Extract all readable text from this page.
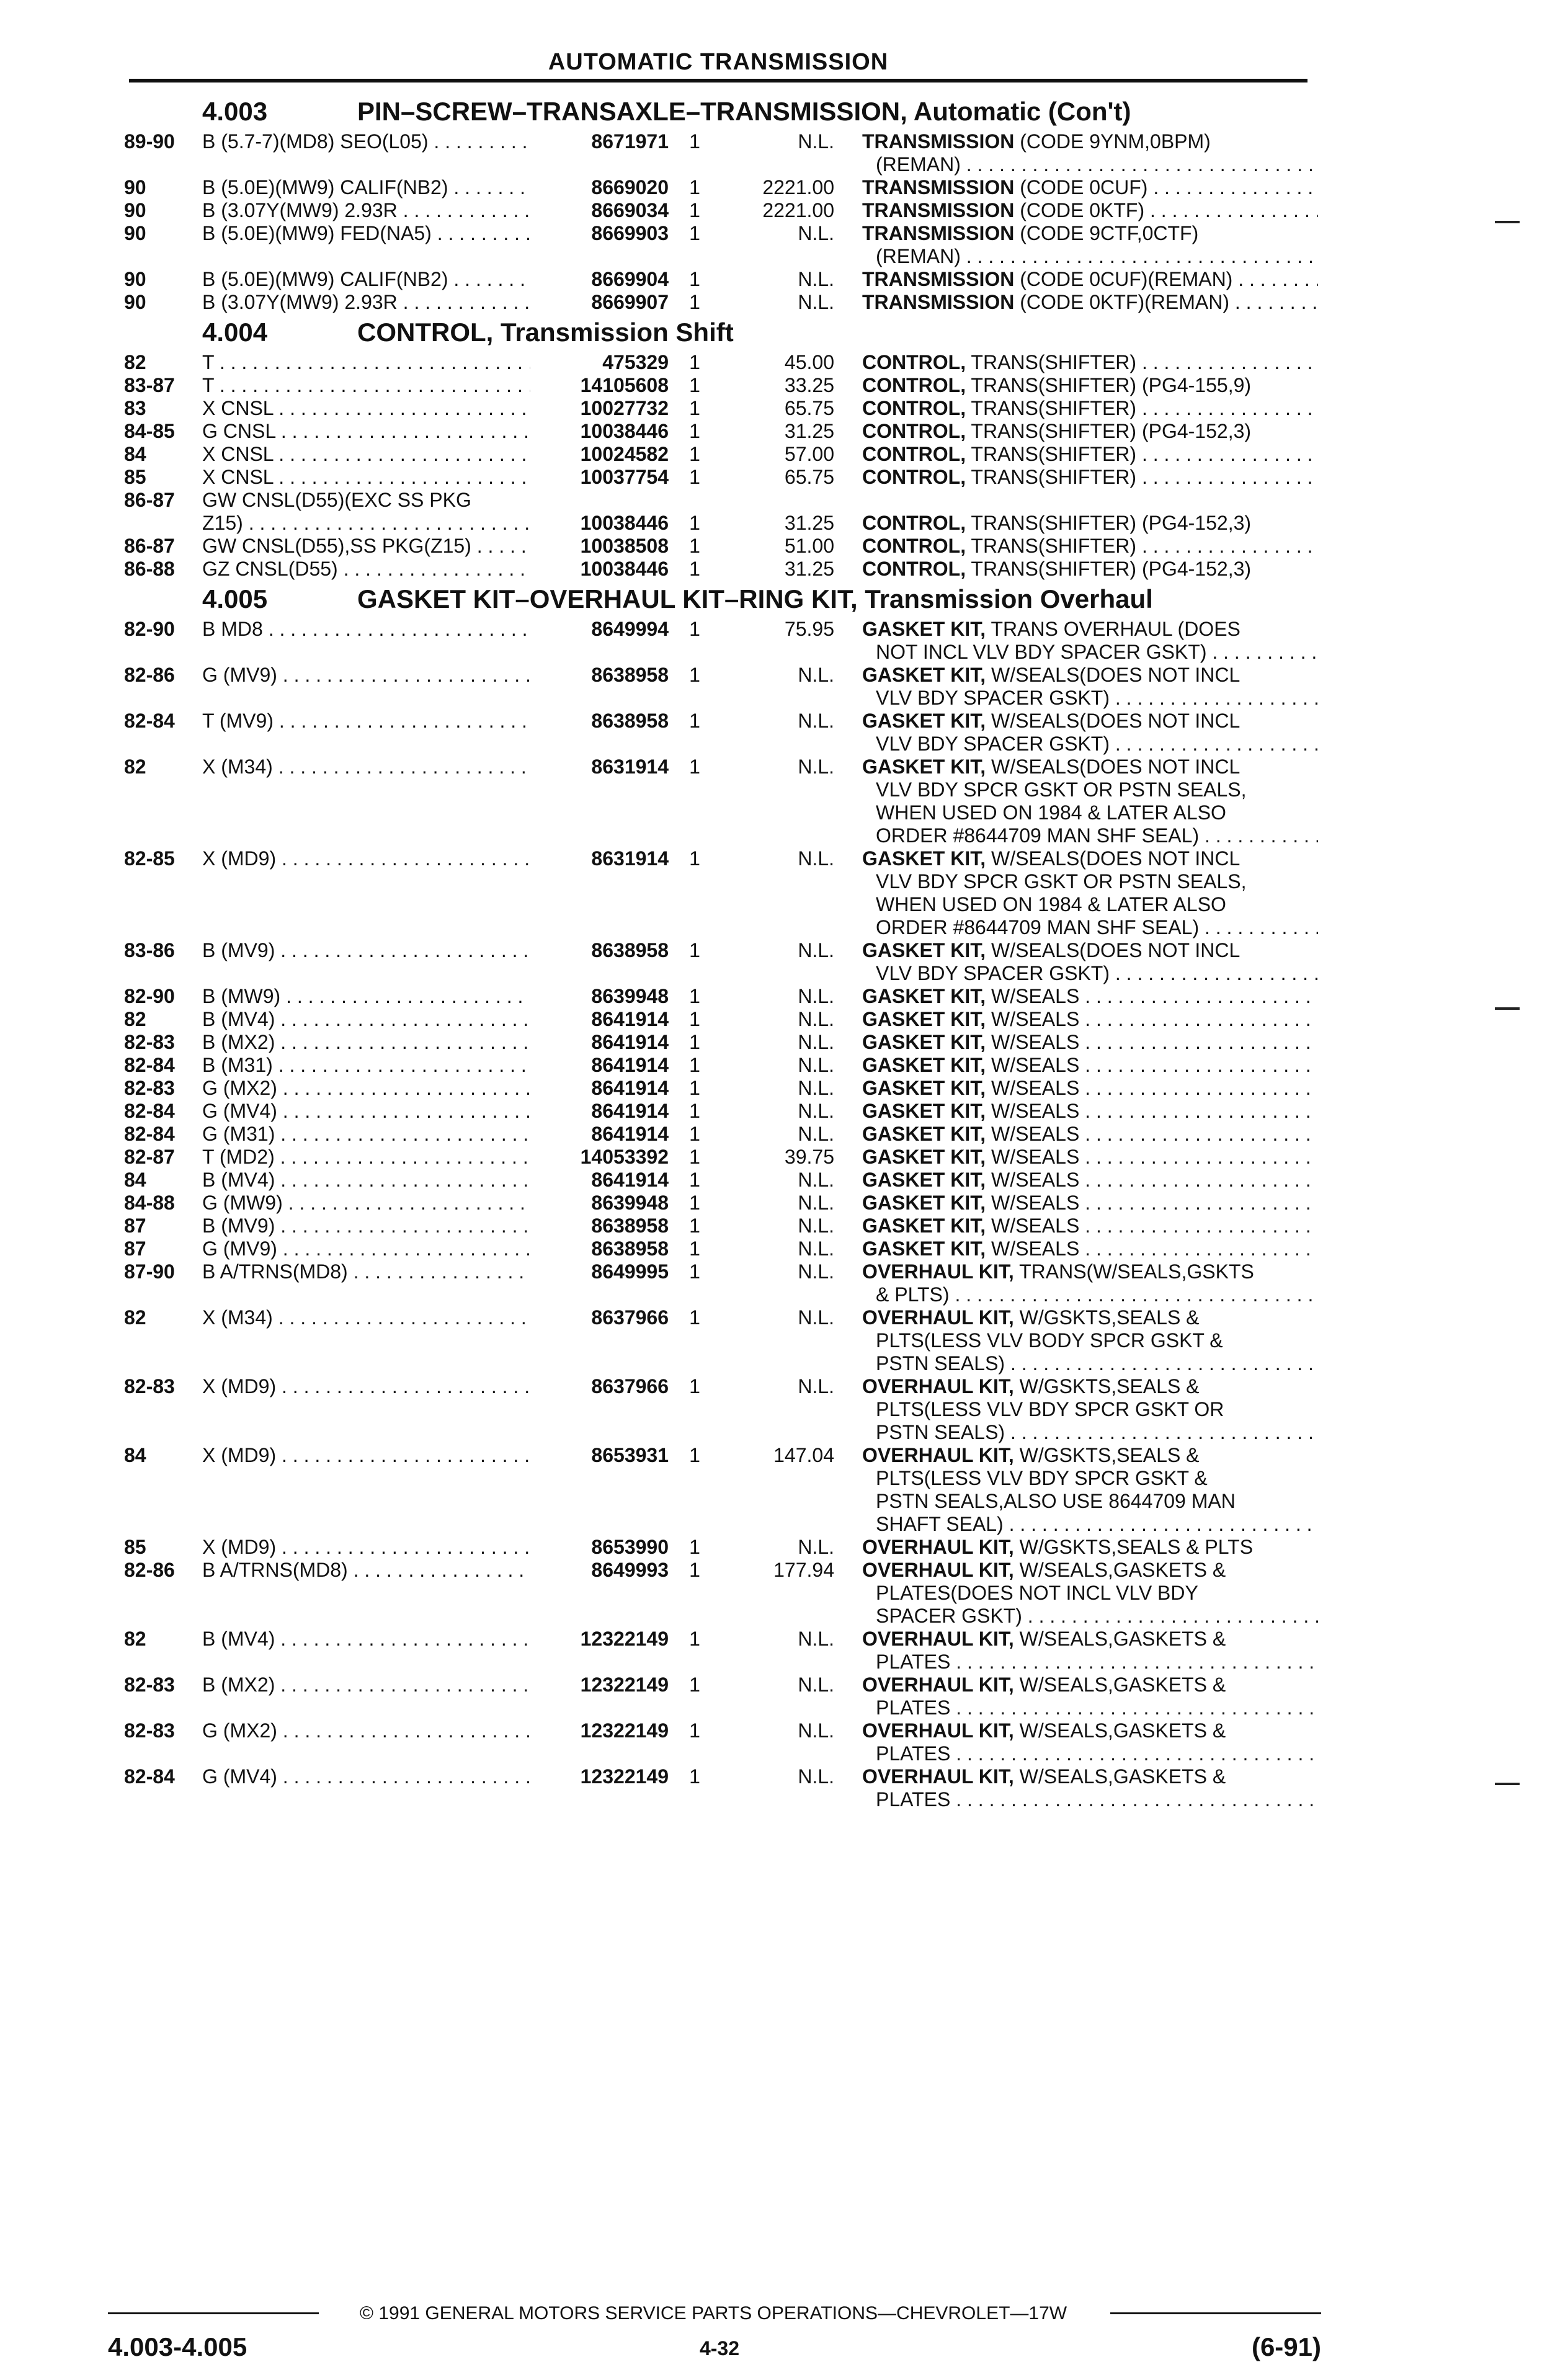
AUTOMATIC TRANSMISSION
4.003	PIN–SCREW–TRANSAXLE–TRANSMISSION, Automatic (Con't)
89-90 B (5.7-7)(MD8) SEO(L05) . . .	8671971	1	N.L. TRANSMISSION (CODE 9YNM,0BPM)
(REMAN) . . .
90	B (5.0E)(MW9) CALIF(NB2) . . .	8669020	1	2221.00 TRANSMISSION (CODE 0CUF) . . .
90	B (3.07Y(MW9) 2.93R . . .	8669034	1	2221.00 TRANSMISSION (CODE 0KTF) . . .
90	B (5.0E)(MW9) FED(NA5) . . .	8669903	1	N.L. TRANSMISSION (CODE 9CTF,0CTF)
(REMAN) . . .
90	B (5.0E)(MW9) CALIF(NB2) . . .	8669904	1	N.L. TRANSMISSION (CODE 0CUF)(REMAN) . . .
90	B (3.07Y(MW9) 2.93R . . .	8669907	1	N.L. TRANSMISSION (CODE 0KTF)(REMAN) . . .
4.004	CONTROL, Transmission Shift
82	T . . .	475329	1	45.00 CONTROL, TRANS(SHIFTER) . . .
83-87 T . . .	14105608	1	33.25 CONTROL, TRANS(SHIFTER) (PG4-155,9)
83	X CNSL . . .	10027732	1	65.75 CONTROL, TRANS(SHIFTER) . . .
84-85 G CNSL . . .	10038446	1	31.25 CONTROL, TRANS(SHIFTER) (PG4-152,3)
84	X CNSL . . .	10024582	1	57.00 CONTROL, TRANS(SHIFTER) . . .
85	X CNSL . . .	10037754	1	65.75 CONTROL, TRANS(SHIFTER) . . .
86-87 GW CNSL(D55)(EXC SS PKG
Z15) . . .	10038446	1	31.25 CONTROL, TRANS(SHIFTER) (PG4-152,3)
86-87 GW CNSL(D55),SS PKG(Z15) . . .	10038508	1	51.00 CONTROL, TRANS(SHIFTER) . . .
86-88 GZ CNSL(D55) . . .	10038446	1	31.25 CONTROL, TRANS(SHIFTER) (PG4-152,3)
4.005	GASKET KIT–OVERHAUL KIT–RING KIT, Transmission Overhaul
82-90 B MD8 . . .	8649994	1	75.95 GASKET KIT, TRANS OVERHAUL (DOES
NOT INCL VLV BDY SPACER GSKT) . . .
82-86 G (MV9) . . .	8638958	1	N.L. GASKET KIT, W/SEALS(DOES NOT INCL
VLV BDY SPACER GSKT) . . .
82-84 T (MV9) . . .	8638958	1	N.L. GASKET KIT, W/SEALS(DOES NOT INCL
VLV BDY SPACER GSKT) . . .
82	X (M34) . . .	8631914	1	N.L. GASKET KIT, W/SEALS(DOES NOT INCL
VLV BDY SPCR GSKT OR PSTN SEALS,
WHEN USED ON 1984 & LATER ALSO
ORDER #8644709 MAN SHF SEAL) . . .
82-85 X (MD9) . . .	8631914	1	N.L. GASKET KIT, W/SEALS(DOES NOT INCL
VLV BDY SPCR GSKT OR PSTN SEALS,
WHEN USED ON 1984 & LATER ALSO
ORDER #8644709 MAN SHF SEAL) . . .
83-86 B (MV9) . . .	8638958	1	N.L. GASKET KIT, W/SEALS(DOES NOT INCL
VLV BDY SPACER GSKT) . . .
82-90 B (MW9) . . .	8639948	1	N.L. GASKET KIT, W/SEALS . . .
82	B (MV4) . . .	8641914	1	N.L. GASKET KIT, W/SEALS . . .
82-83 B (MX2) . . .	8641914	1	N.L. GASKET KIT, W/SEALS . . .
82-84 B (M31) . . .	8641914	1	N.L. GASKET KIT, W/SEALS . . .
82-83 G (MX2) . . .	8641914	1	N.L. GASKET KIT, W/SEALS . . .
82-84 G (MV4) . . .	8641914	1	N.L. GASKET KIT, W/SEALS . . .
82-84 G (M31) . . .	8641914	1	N.L. GASKET KIT, W/SEALS . . .
82-87 T (MD2) . . .	14053392	1	39.75 GASKET KIT, W/SEALS . . .
84	B (MV4) . . .	8641914	1	N.L. GASKET KIT, W/SEALS . . .
84-88 G (MW9) . . .	8639948	1	N.L. GASKET KIT, W/SEALS . . .
87	B (MV9) . . .	8638958	1	N.L. GASKET KIT, W/SEALS . . .
87	G (MV9) . . .	8638958	1	N.L. GASKET KIT, W/SEALS . . .
87-90 B A/TRNS(MD8) . . .	8649995	1	N.L. OVERHAUL KIT, TRANS(W/SEALS,GSKTS
& PLTS) . . .
82	X (M34) . . .	8637966	1	N.L. OVERHAUL KIT, W/GSKTS,SEALS &
PLTS(LESS VLV BODY SPCR GSKT &
PSTN SEALS) . . .
82-83 X (MD9) . . .	8637966	1	N.L. OVERHAUL KIT, W/GSKTS,SEALS &
PLTS(LESS VLV BDY SPCR GSKT OR
PSTN SEALS) . . .
84	X (MD9) . . .	8653931	1	147.04 OVERHAUL KIT, W/GSKTS,SEALS &
PLTS(LESS VLV BDY SPCR GSKT &
PSTN SEALS,ALSO USE 8644709 MAN
SHAFT SEAL) . . .
85	X (MD9) . . .	8653990	1	N.L. OVERHAUL KIT, W/GSKTS,SEALS & PLTS
82-86 B A/TRNS(MD8) . . .	8649993	1	177.94 OVERHAUL KIT, W/SEALS,GASKETS &
PLATES(DOES NOT INCL VLV BDY
SPACER GSKT) . . .
82	B (MV4) . . .	12322149	1	N.L. OVERHAUL KIT, W/SEALS,GASKETS &
PLATES . . .
82-83 B (MX2) . . .	12322149	1	N.L. OVERHAUL KIT, W/SEALS,GASKETS &
PLATES . . .
82-83 G (MX2) . . .	12322149	1	N.L. OVERHAUL KIT, W/SEALS,GASKETS &
PLATES . . .
82-84 G (MV4) . . .	12322149	1	N.L. OVERHAUL KIT, W/SEALS,GASKETS &
PLATES . . .
© 1991 GENERAL MOTORS SERVICE PARTS OPERATIONS—CHEVROLET—17W
4.003-4.005	4-32	(6-91)
